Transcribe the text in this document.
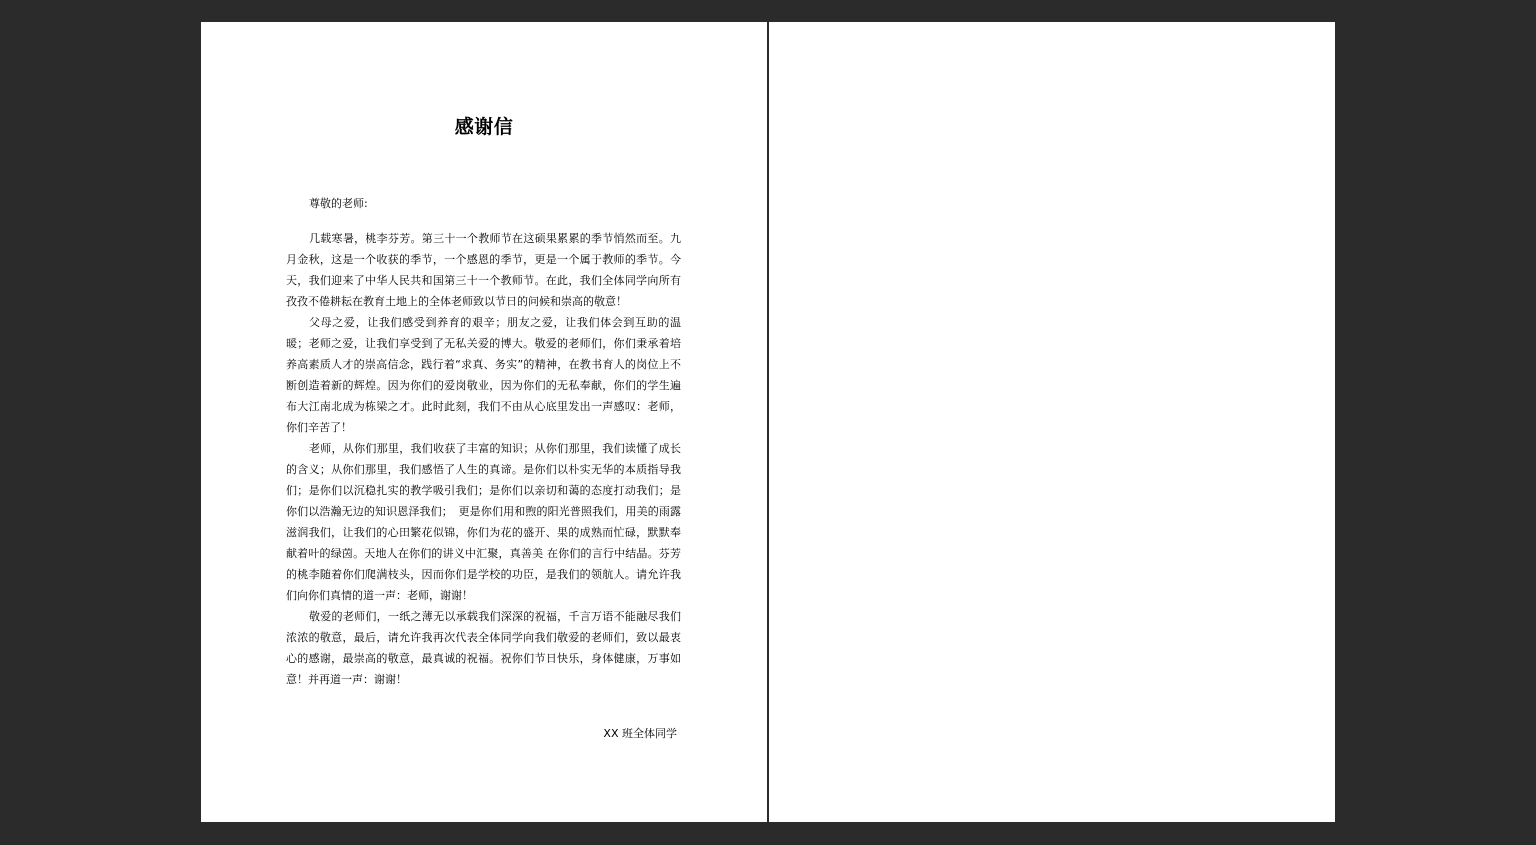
感谢信
尊敬的老师:

几载寒暑，桃李芬芳。第三十一个教师节在这硕果累累的季节悄然而至。九月金秋，这是一个收获的季节，一个感恩的季节，更是一个属于教师的季节。今天，我们迎来了中华人民共和国第三十一个教师节。在此，我们全体同学向所有孜孜不倦耕耘在教育土地上的全体老师致以节日的问候和崇高的敬意！

父母之爱，让我们感受到养育的艰辛；朋友之爱，让我们体会到互助的温暖；老师之爱，让我们享受到了无私关爱的博大。敬爱的老师们，你们秉承着培养高素质人才的崇高信念，践行着“求真、务实”的精神，在教书育人的岗位上不断创造着新的辉煌。因为你们的爱岗敬业，因为你们的无私奉献，你们的学生遍布大江南北成为栋梁之才。此时此刻，我们不由从心底里发出一声感叹：老师，你们辛苦了！

老师，从你们那里，我们收获了丰富的知识；从你们那里，我们读懂了成长的含义；从你们那里，我们感悟了人生的真谛。是你们以朴实无华的本质指导我们；是你们以沉稳扎实的教学吸引我们；是你们以亲切和蔼的态度打动我们；是你们以浩瀚无边的知识恩泽我们；　更是你们用和煦的阳光普照我们，用美的雨露滋润我们，让我们的心田繁花似锦，你们为花的盛开、果的成熟而忙碌，默默奉献着叶的绿茵。天地人在你们的讲义中汇聚，真善美 在你们的言行中结晶。芬芳的桃李随着你们爬满枝头，因而你们是学校的功臣，是我们的领航人。请允许我们向你们真情的道一声：老师，谢谢！

敬爱的老师们，一纸之薄无以承载我们深深的祝福，千言万语不能融尽我们浓浓的敬意，最后，请允许我再次代表全体同学向我们敬爱的老师们，致以最衷心的感谢，最崇高的敬意，最真诚的祝福。祝你们节日快乐，身体健康，万事如意！并再道一声：谢谢！

XX 班全体同学
